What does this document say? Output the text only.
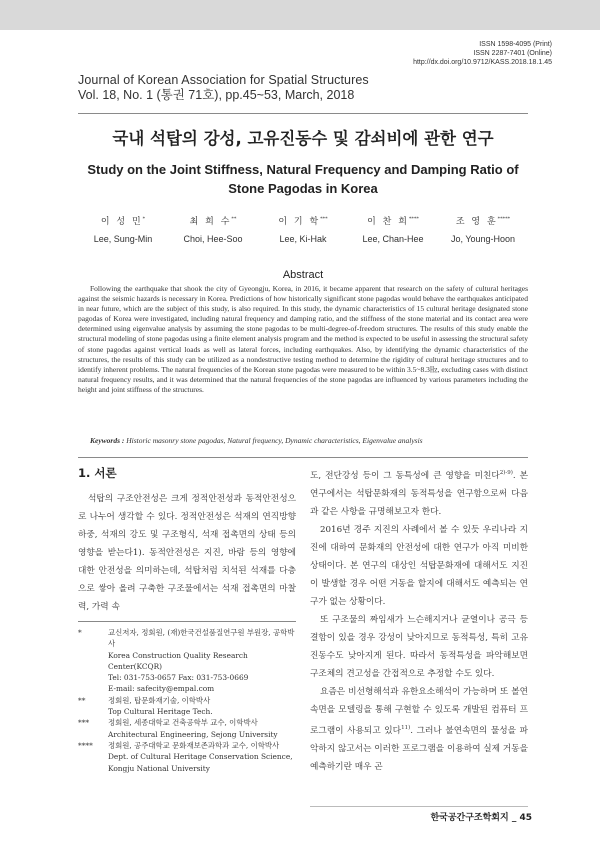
ISSN 1598-4095 (Print)
ISSN 2287-7401 (Online)
http://dx.doi.org/10.9712/KASS.2018.18.1.45
Journal of Korean Association for Spatial Structures
Vol. 18, No. 1 (통권 71호), pp.45~53, March, 2018
국내 석탑의 강성, 고유진동수 및 감쇠비에 관한 연구
Study on the Joint Stiffness, Natural Frequency and Damping Ratio of
Stone Pagodas in Korea
이 성 민*
Lee, Sung-Min
최 희 수**
Choi, Hee-Soo
이 기 학***
Lee, Ki-Hak
이 찬 희****
Lee, Chan-Hee
조 영 훈*****
Jo, Young-Hoon
Abstract
Following the earthquake that shook the city of Gyeongju, Korea, in 2016, it became apparent that research on the safety of cultural heritages against the seismic hazards is necessary in Korea. Predictions of how historically significant stone pagodas would behave the earthquakes anticipated in near future, which are the subject of this study, is also required. In this study, the dynamic characteristics of 15 cultural heritage designated stone pagodas of Korea were investigated, including natural frequency and damping ratio, and the stiffness of the stone material and its contact area were determined using eigenvalue analysis by assuming the stone pagodas to be multi-degree-of-freedom structures. The results of this study enable the structural modeling of stone pagodas using a finite element analysis program and the method is expected to be useful in assessing the structural safety of stone pagodas against vertical loads as well as lateral forces, including earthquakes. Also, by identifying the dynamic characteristics of the structures, the results of this study can be utilized as a nondestructive testing method to determine the rigidity of cultural heritage structures and to identify inherent problems. The natural frequencies of the Korean stone pagodas were measured to be within 3.5~8.3㎐, excluding cases with distinct natural frequency results, and it was determined that the natural frequencies of the stone pagodas are influenced by various parameters including the height and joint stiffness of the structures.
Keywords : Historic masonry stone pagodas, Natural frequency, Dynamic characteristics, Eigenvalue analysis
1. 서론
석탑의 구조안전성은 크게 정적안전성과 동적안전성으로 나누어 생각할 수 있다. 정적안전성은 석재의 연직방향 하중, 석재의 강도 및 구조형식, 석재 접촉면의 상태 등의 영향을 받는다1). 동적안전성은 지진, 바람 등의 영향에 대한 안전성을 의미하는데, 석탑처럼 치석된 석재를 다층으로 쌓아 올려 구축한 구조물에서는 석재 접촉면의 마찰력, 가력 속
*	교신저자, 정회원, (재)한국건설품질연구원 부원장, 공학박사
Korea Construction Quality Research Center(KCQR)
Tel: 031-753-0657 Fax: 031-753-0669
E-mail: safecity@empal.com
**	정회원, 탑문화재기술, 이학박사
Top Cultural Heritage Tech.
***	정회원, 세종대학교 건축공학부 교수, 이학박사
Architectural Engineering, Sejong University
**** 정회원, 공주대학교 문화재보존과학과 교수, 이학박사
Dept. of Cultural Heritage Conservation Science, Kongju National University

도, 전단강성 등이 그 동특성에 큰 영향을 미친다$^{2)-9)}$. 본 연구에서는 석탑문화재의 동적특성을 연구함으로써 다음과 같은 사항을 규명해보고자 한다.

2016년 경주 지진의 사례에서 볼 수 있듯 우리나라 지진에 대하여 문화재의 안전성에 대한 연구가 아직 미비한 상태이다. 본 연구의 대상인 석탑문화재에 대해서도 지진이 발생할 경우 어떤 거동을 할지에 대해서도 예측되는 연구가 없는 상황이다.

또 구조물의 짜임새가 느슨해지거나 균열이나 공극 등 결함이 있을 경우 강성이 낮아지므로 동적특성, 특히 고유진동수도 낮아지게 된다. 따라서 동적특성을 파악해보면 구조체의 견고성을 간접적으로 추정할 수도 있다.

요즘은 비선형해석과 유한요소해석이 가능하며 또 볼연속면을 모델링을 통해 구현할 수 있도록 개발된 컴퓨터 프로그램이 사용되고 있다$^{11)}$. 그러나 불연속면의 물성을 파악하지 않고서는 이러한 프로그램을 이용하여 실제 거동을 예측하기란 매우 곤

한국공간구조학회지 _ 45
